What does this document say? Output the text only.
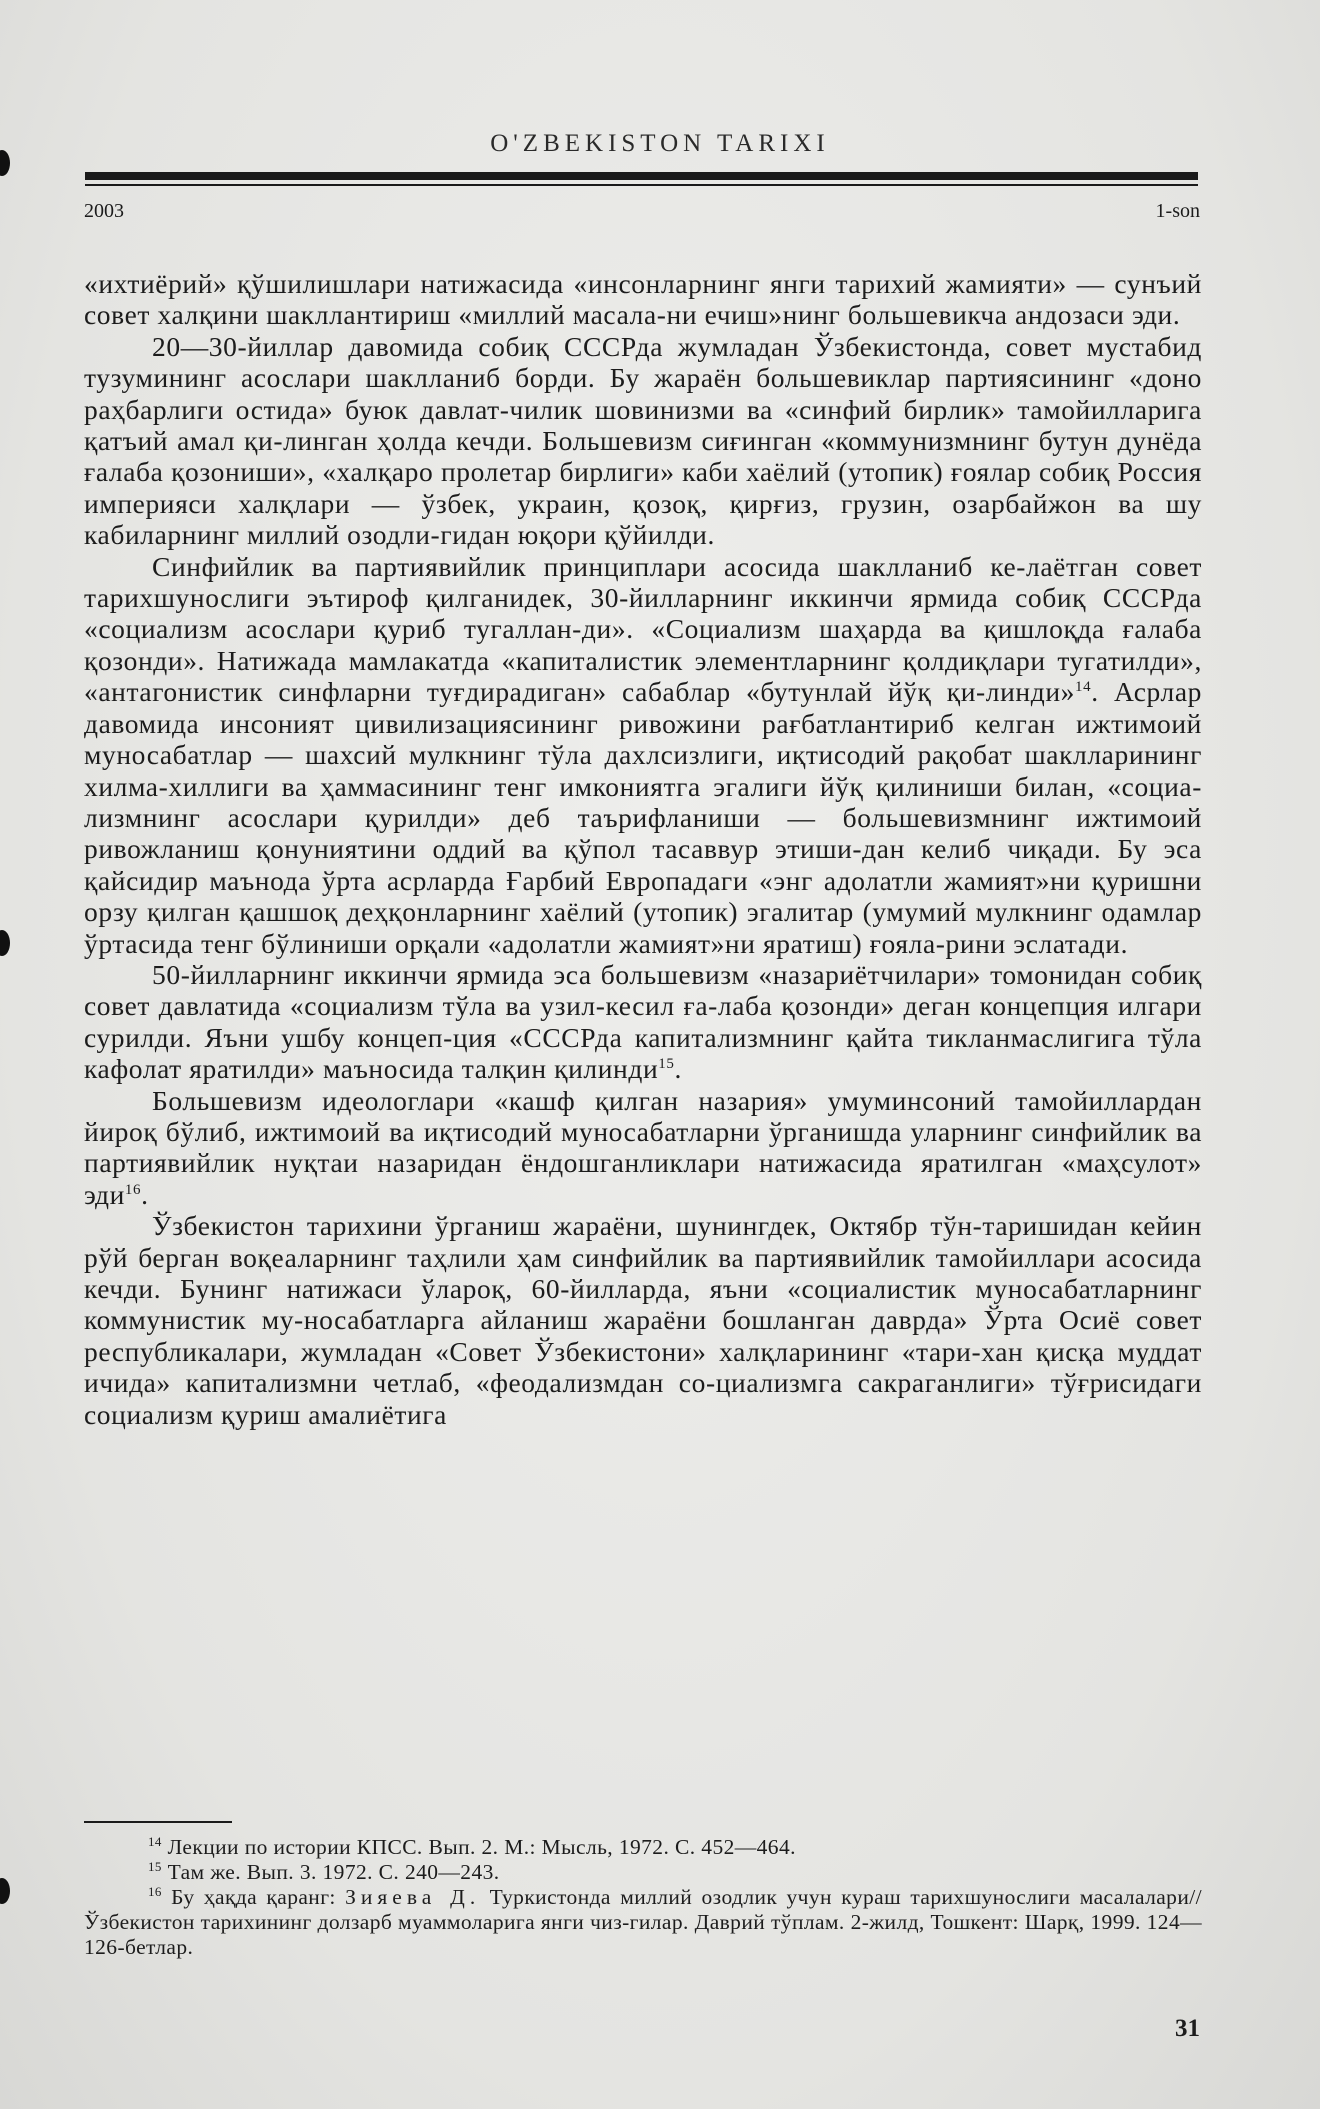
O'ZBEKISTON TARIXI
2003	1-son

«ихтиёрий» қўшилишлари натижасида «инсонларнинг янги тарихий жамияти» — сунъий совет халқини шакллантириш «миллий масала-ни ечиш»нинг большевикча андозаси эди.

20—30-йиллар давомида собиқ СССРда жумладан Ўзбекистонда, совет мустабид тузумининг асослари шаклланиб борди. Бу жараён большевиклар партиясининг «доно раҳбарлиги остида» буюк давлат-чилик шовинизми ва «синфий бирлик» тамойилларига қатъий амал қи-линган ҳолда кечди. Большевизм сиғинган «коммунизмнинг бутун дунёда ғалаба қозониши», «халқаро пролетар бирлиги» каби хаёлий (утопик) ғоялар собиқ Россия империяси халқлари — ўзбек, украин, қозоқ, қирғиз, грузин, озарбайжон ва шу кабиларнинг миллий озодли-гидан юқори қўйилди.

Синфийлик ва партиявийлик принциплари асосида шаклланиб ке-лаётган совет тарихшунослиги эътироф қилганидек, 30-йилларнинг иккинчи ярмида собиқ СССРда «социализм асослари қуриб тугаллан-ди». «Социализм шаҳарда ва қишлоқда ғалаба қозонди». Натижада мамлакатда «капиталистик элементларнинг қолдиқлари тугатилди», «антагонистик синфларни туғдирадиган» сабаблар «бутунлай йўқ қи-линди»$^{14}$. Асрлар давомида инсоният цивилизациясининг ривожини рағбатлантириб келган ижтимоий муносабатлар — шахсий мулкнинг тўла дахлсизлиги, иқтисодий рақобат шаклларининг хилма-хиллиги ва ҳаммасининг тенг имкониятга эгалиги йўқ қилиниши билан, «социа-лизмнинг асослари қурилди» деб таърифланиши — большевизмнинг ижтимоий ривожланиш қонуниятини оддий ва қўпол тасаввур этиши-дан келиб чиқади. Бу эса қайсидир маънода ўрта асрларда Ғарбий Европадаги «энг адолатли жамият»ни қуришни орзу қилган қашшоқ деҳқонларнинг хаёлий (утопик) эгалитар (умумий мулкнинг одамлар ўртасида тенг бўлиниши орқали «адолатли жамият»ни яратиш) ғояла-рини эслатади.

50-йилларнинг иккинчи ярмида эса большевизм «назариётчилари» томонидан собиқ совет давлатида «социализм тўла ва узил-кесил ға-лаба қозонди» деган концепция илгари сурилди. Яъни ушбу концеп-ция «СССРда капитализмнинг қайта тикланмаслигига тўла кафолат яратилди» маъносида талқин қилинди$^{15}$.

Большевизм идеологлари «кашф қилган назария» умуминсоний тамойиллардан йироқ бўлиб, ижтимоий ва иқтисодий муносабатларни ўрганишда уларнинг синфийлик ва партиявийлик нуқтаи назаридан ёндошганликлари натижасида яратилган «маҳсулот» эди$^{16}$.

Ўзбекистон тарихини ўрганиш жараёни, шунингдек, Октябр тўн-таришидан кейин рўй берган воқеаларнинг таҳлили ҳам синфийлик ва партиявийлик тамойиллари асосида кечди. Бунинг натижаси ўлароқ, 60-йилларда, яъни «социалистик муносабатларнинг коммунистик му-носабатларга айланиш жараёни бошланган даврда» Ўрта Осиё совет республикалари, жумладан «Совет Ўзбекистони» халқларининг «тари-хан қисқа муддат ичида» капитализмни четлаб, «феодализмдан со-циализмга сакраганлиги» тўғрисидаги социализм қуриш амалиётига

$^{14}$ Лекции по истории КПСС. Вып. 2. М.: Мысль, 1972. С. 452—464.

$^{15}$ Там же. Вып. 3. 1972. С. 240—243.

$^{16}$ Бу ҳақда қаранг: Зияева Д. Туркистонда миллий озодлик учун кураш тарихшунослиги масалалари//Ўзбекистон тарихининг долзарб муаммоларига янги чиз-гилар. Даврий тўплам. 2-жилд, Тошкент: Шарқ, 1999. 124—126-бетлар.

31
